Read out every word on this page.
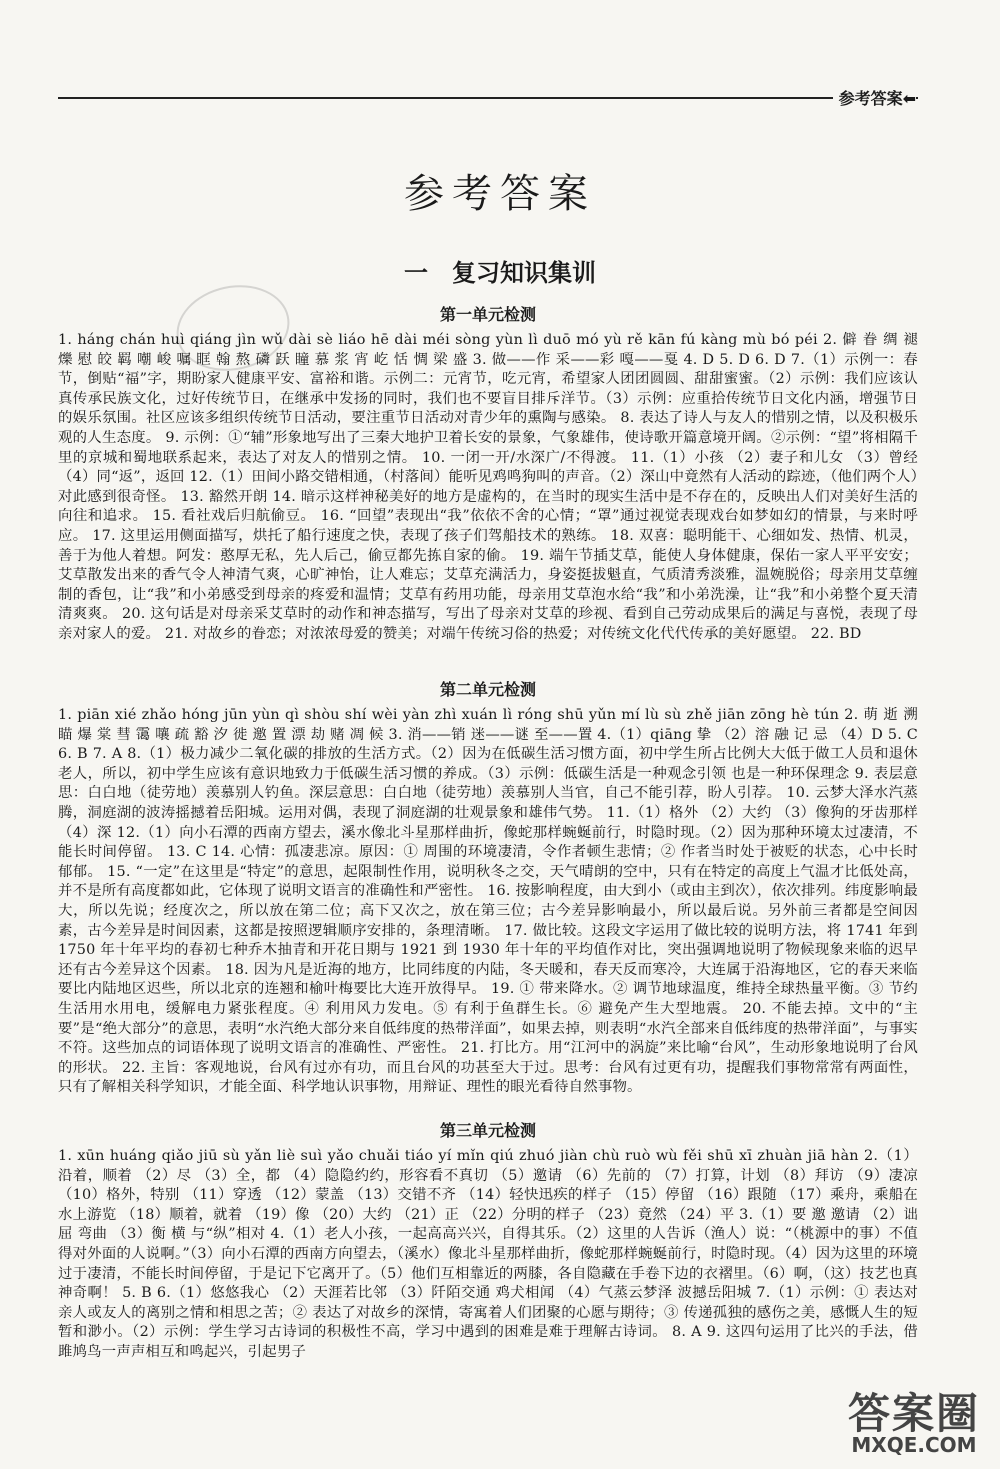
参考答案⬅
参考答案
一　复习知识集训
第一单元检测

1. háng chán huì qiáng jìn wǔ dài sè liáo hē dài méi sòng yùn lì duō mó yù rě kān fú kàng mù bó péi 2. 僻 眷 绸 褪 爍 慰 皎 羁 嘲 峻 嘱 眶 翰 熬 磷 跃 瞳 慕 浆 宵 屹 恬 惆 梁 盛 3. 做——作 采——彩 嘎——戛 4. D 5. D 6. D 7.（1）示例一：春节，倒贴“福”字，期盼家人健康平安、富裕和谐。示例二：元宵节，吃元宵，希望家人团团圆圆、甜甜蜜蜜。（2）示例：我们应该认真传承民族文化，过好传统节日，在继承中发扬的同时，我们也不要盲目排斥洋节。（3）示例：应重拾传统节日文化内涵，增强节日的娱乐氛围。社区应该多组织传统节日活动，要注重节日活动对青少年的熏陶与感染。 8. 表达了诗人与友人的惜别之情，以及积极乐观的人生态度。 9. 示例：①“辅”形象地写出了三秦大地护卫着长安的景象，气象雄伟，使诗歌开篇意境开阔。②示例：“望”将相隔千里的京城和蜀地联系起来，表达了对友人的惜别之情。 10. 一闭一开/水深广/不得渡。 11.（1）小孩 （2）妻子和儿女 （3）曾经 （4）同“返”，返回 12.（1）田间小路交错相通，（村落间）能听见鸡鸣狗叫的声音。（2）深山中竟然有人活动的踪迹，（他们两个人）对此感到很奇怪。 13. 豁然开朗 14. 暗示这样神秘美好的地方是虚构的，在当时的现实生活中是不存在的，反映出人们对美好生活的向往和追求。 15. 看社戏后归航偷豆。 16. “回望”表现出“我”依依不舍的心情；“罩”通过视觉表现戏台如梦如幻的情景，与来时呼应。 17. 这里运用侧面描写，烘托了船行速度之快，表现了孩子们驾船技术的熟练。 18. 双喜：聪明能干、心细如发、热情、机灵，善于为他人着想。阿发：憨厚无私，先人后己，偷豆都先拣自家的偷。 19. 端午节插艾草，能使人身体健康，保佑一家人平平安安；艾草散发出来的香气令人神清气爽，心旷神怡，让人难忘；艾草充满活力，身姿挺拔魁直，气质清秀淡雅，温婉脱俗；母亲用艾草缠制的香包，让“我”和小弟感受到母亲的疼爱和温情；艾草有药用功能，母亲用艾草泡水给“我”和小弟洗澡，让“我”和小弟整个夏天清清爽爽。 20. 这句话是对母亲采艾草时的动作和神态描写，写出了母亲对艾草的珍视、看到自己劳动成果后的满足与喜悦，表现了母亲对家人的爱。 21. 对故乡的眷恋；对浓浓母爱的赞美；对端午传统习俗的热爱；对传统文化代代传承的美好愿望。 22. BD

第二单元检测

1. piān xié zhǎo hóng jūn yùn qì shòu shí wèi yàn zhì xuán lì róng shū yǔn mí lù sù zhě jiān zōng hè tún 2. 萌 逝 溯 瞄 爆 棠 彗 霭 嚷 疏 豁 汐 徙 邀 置 漂 劫 赌 凋 候 3. 消——销 迷——谜 至——置 4.（1）qiāng 挚 （2）溶 融 记 忌 （4）D 5. C 6. B 7. A 8.（1）极力减少二氧化碳的排放的生活方式。（2）因为在低碳生活习惯方面，初中学生所占比例大大低于做工人员和退休老人，所以，初中学生应该有意识地致力于低碳生活习惯的养成。（3）示例：低碳生活是一种观念引领 也是一种环保理念 9. 表层意思：白白地（徒劳地）羡慕别人钓鱼。深层意思：白白地（徒劳地）羡慕别人当官，自己不能引荐，盼人引荐。 10. 云梦大泽水汽蒸腾，洞庭湖的波涛摇撼着岳阳城。运用对偶，表现了洞庭湖的壮观景象和雄伟气势。 11.（1）格外 （2）大约 （3）像狗的牙齿那样 （4）深 12.（1）向小石潭的西南方望去，溪水像北斗星那样曲折，像蛇那样蜿蜒前行，时隐时现。（2）因为那种环境太过凄清，不能长时间停留。 13. C 14. 心情：孤凄悲凉。原因：① 周围的环境凄清，令作者顿生悲情；② 作者当时处于被贬的状态，心中长时郁郁。 15. “一定”在这里是“特定”的意思，起限制性作用，说明秋冬之交，天气晴朗的空中，只有在特定的高度上气温才比低处高，并不是所有高度都如此，它体现了说明文语言的准确性和严密性。 16. 按影响程度，由大到小（或由主到次），依次排列。纬度影响最大，所以先说；经度次之，所以放在第二位；高下又次之，放在第三位；古今差异影响最小，所以最后说。另外前三者都是空间因素，古今差异是时间因素，这都是按照逻辑顺序安排的，条理清晰。 17. 做比较。这段文字运用了做比较的说明方法，将 1741 年到 1750 年十年平均的春初七种乔木抽青和开花日期与 1921 到 1930 年十年的平均值作对比，突出强调地说明了物候现象来临的迟早还有古今差异这个因素。 18. 因为凡是近海的地方，比同纬度的内陆，冬天暖和，春天反而寒冷，大连属于沿海地区，它的春天来临要比内陆地区迟些，所以北京的连翘和榆叶梅要比大连开放得早。 19. ① 带来降水。② 调节地球温度，维持全球热量平衡。③ 节约生活用水用电，缓解电力紧张程度。④ 利用风力发电。⑤ 有利于鱼群生长。⑥ 避免产生大型地震。 20. 不能去掉。文中的“主要”是“绝大部分”的意思，表明“水汽绝大部分来自低纬度的热带洋面”，如果去掉，则表明“水汽全部来自低纬度的热带洋面”，与事实不符。这些加点的词语体现了说明文语言的准确性、严密性。 21. 打比方。用“江河中的涡旋”来比喻“台风”，生动形象地说明了台风的形状。 22. 主旨：客观地说，台风有过亦有功，而且台风的功甚至大于过。思考：台风有过更有功，提醒我们事物常常有两面性，只有了解相关科学知识，才能全面、科学地认识事物，用辩证、理性的眼光看待自然事物。

第三单元检测

1. xūn huáng qiǎo jiū sù yǎn liè suì yǎo chuǎi tiáo yí mǐn qiú zhuó jiàn chù ruò wù fěi shū xī zhuàn jiā hàn 2.（1）沿着，顺着 （2）尽 （3）全，都 （4）隐隐约约，形容看不真切 （5）邀请 （6）先前的 （7）打算，计划 （8）拜访 （9）凄凉 （10）格外，特别 （11）穿透 （12）蒙盖 （13）交错不齐 （14）轻快迅疾的样子 （15）停留 （16）跟随 （17）乘舟，乘船在水上游览 （18）顺着，就着 （19）像 （20）大约 （21）正 （22）分明的样子 （23）竟然 （24）平 3.（1）要 邀 邀请 （2）诎 屈 弯曲 （3）衡 横 与“纵”相对 4.（1）老人小孩，一起高高兴兴，自得其乐。（2）这里的人告诉（渔人）说：“（桃源中的事）不值得对外面的人说啊。”（3）向小石潭的西南方向望去，（溪水）像北斗星那样曲折，像蛇那样蜿蜒前行，时隐时现。（4）因为这里的环境过于凄清，不能长时间停留，于是记下它离开了。（5）他们互相靠近的两膝，各自隐藏在手卷下边的衣褶里。（6）啊，（这）技艺也真神奇啊！ 5. B 6.（1）悠悠我心 （2）天涯若比邻 （3）阡陌交通 鸡犬相闻 （4）气蒸云梦泽 波撼岳阳城 7.（1）示例：① 表达对亲人或友人的离别之情和相思之苦；② 表达了对故乡的深情，寄寓着人们团聚的心愿与期待；③ 传递孤独的感伤之美，感慨人生的短暂和渺小。（2）示例：学生学习古诗词的积极性不高，学习中遇到的困难是难于理解古诗词。 8. A 9. 这四句运用了比兴的手法，借雎鸠鸟一声声相互和鸣起兴，引起男子

答案圈
MXQE.COM
